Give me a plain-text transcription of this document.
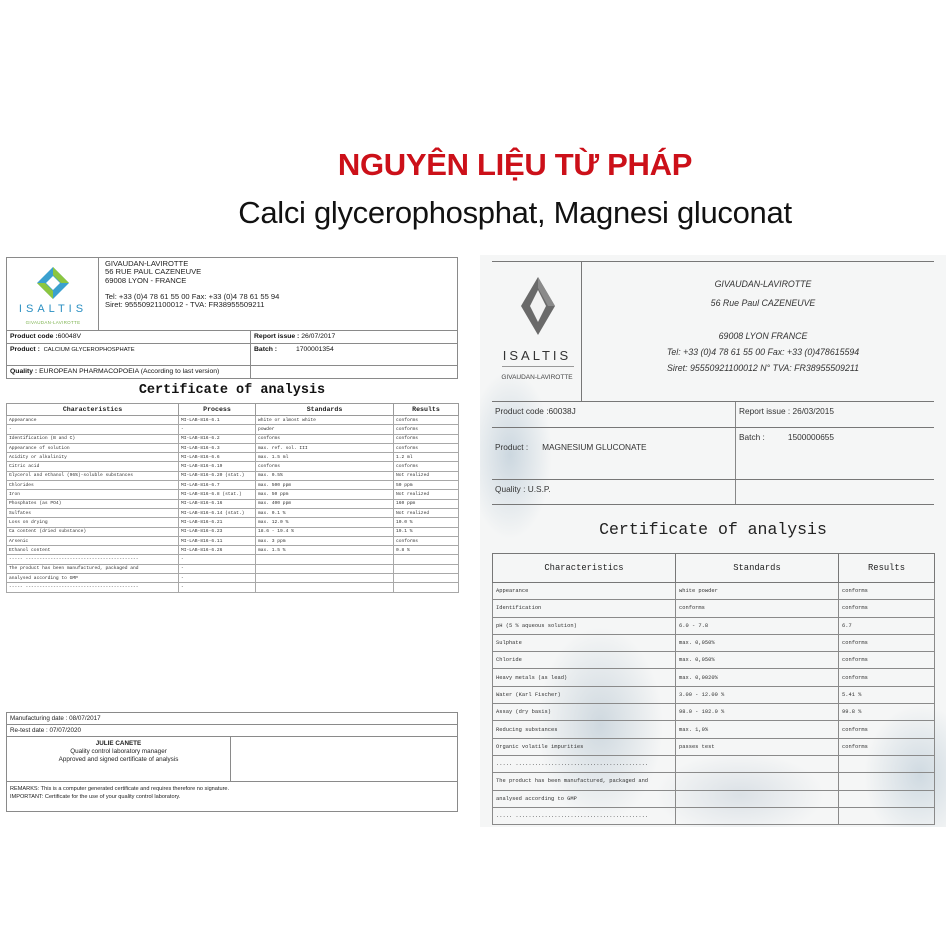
NGUYÊN LIỆU TỪ PHÁP
Calci glycerophosphat, Magnesi gluconat
ISALTIS
GIVAUDAN-LAVIROTTE
GIVAUDAN-LAVIROTTE
56 RUE PAUL CAZENEUVE
69008 LYON - FRANCE
Tel: +33 (0)4 78 61 55 00 Fax: +33 (0)4 78 61 55 94
Siret: 95550921100012 - TVA: FR38955509211
Product code :60048V	Report issue : 26/07/2017
Product : CALCIUM GLYCEROPHOSPHATE	Batch :	1700001354
Quality : EUROPEAN PHARMACOPOEIA (According to last version)
Certificate of analysis
Characteristics	Process	Standards	Results
Appearance	MI-LAB-816-6.1	white or almost white	conforms
-	-	powder	conforms
Identification (B and C)	MI-LAB-816-6.2	conforms	conforms
Appearance of solution	MI-LAB-816-6.3	max. ref. sol. III	conforms
Acidity or alkalinity	MI-LAB-816-6.6	max. 1.5 ml	1.2 ml
Citric acid	MI-LAB-816-6.19	conforms	conforms
Glycerol and ethanol (96%)-soluble substances	MI-LAB-816-6.20 (stat.)	max. 0.5%	Not realized
Chlorides	MI-LAB-816-6.7	max. 500 ppm	50 ppm
Iron	MI-LAB-816-6.8 (stat.)	max. 50 ppm	Not realized
Phosphates (as PO4)	MI-LAB-816-6.16	max. 400 ppm	160 ppm
Sulfates	MI-LAB-816-6.14 (stat.)	max. 0.1 %	Not realized
Loss on drying	MI-LAB-816-6.21	max. 12.0 %	10.0 %
Ca content (dried substance)	MI-LAB-816-6.23	18.6 - 19.4 %	19.1 %
Arsenic	MI-LAB-816-6.11	max. 3 ppm	conforms
Ethanol content	MI-LAB-816-6.26	max. 1.5 %	0.8 %
----- -----------------------------------------	-		
The product has been manufactured, packaged and	-		
analysed according to GMP	-		
----- -----------------------------------------	-		
Manufacturing date : 08/07/2017
Re-test date : 07/07/2020
JULIE CANETE
Quality control laboratory manager
Approved and signed certificate of analysis
REMARKS: This is a computer generated certificate and requires therefore no signature.
IMPORTANT: Certificate for the use of your quality control laboratory.
ISALTIS
GIVAUDAN-LAVIROTTE
GIVAUDAN-LAVIROTTE
56 Rue Paul CAZENEUVE
69008 LYON FRANCE
Tel: +33 (0)4 78 61 55 00 Fax: +33 (0)478615594
Siret: 95550921100012 N° TVA: FR38955509211
Product code :60038J	Report issue : 26/03/2015
Product : MAGNESIUM GLUCONATE
Batch :	1500000655
Quality : U.S.P.
Certificate of analysis
Characteristics	Standards	Results
Appearance	white powder	conforms
Identification	conforms	conforms
pH (5 % aqueous solution)	6.0 - 7.8	6.7
Sulphate	max. 0,050%	conforms
Chloride	max. 0,050%	conforms
Heavy metals (as lead)	max. 0,0020%	conforms
Water (Karl Fischer)	3.00 - 12.00 %	5.41 %
Assay (dry basis)	98.0 - 102.0 %	99.8 %
Reducing substances	max. 1,0%	conforms
Organic volatile impurities	passes test	conforms
..... .........................................		
The product has been manufactured, packaged and		
analysed according to GMP		
..... .........................................		
